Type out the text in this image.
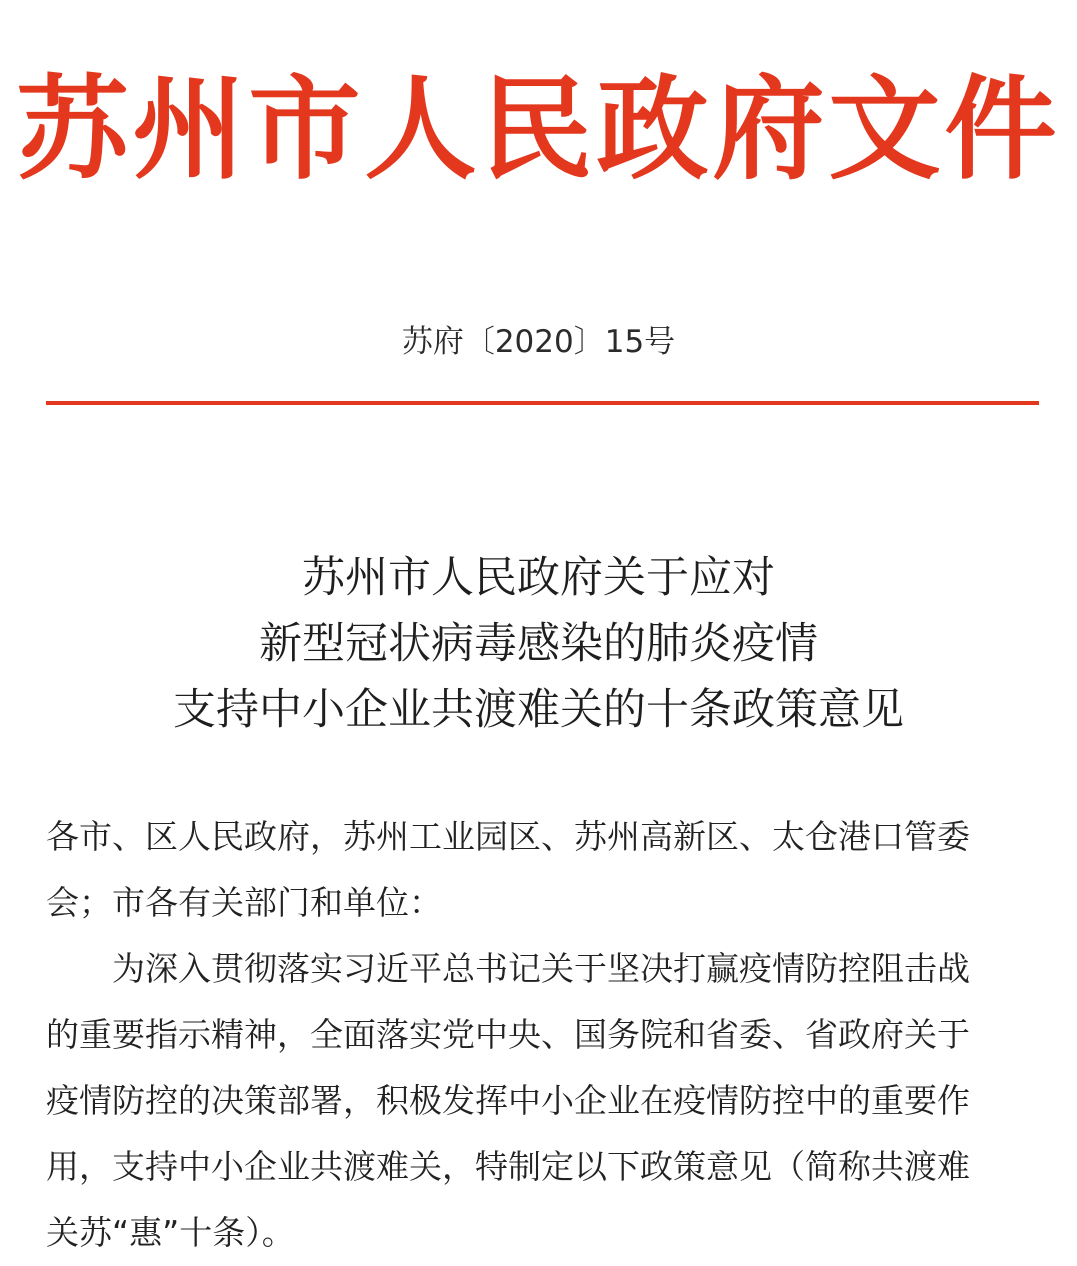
苏州市人民政府文件
苏府〔2020〕15号
苏州市人民政府关于应对
新型冠状病毒感染的肺炎疫情
支持中小企业共渡难关的十条政策意见

各市、区人民政府，苏州工业园区、苏州高新区、太仓港口管委
会；市各有关部门和单位：

为深入贯彻落实习近平总书记关于坚决打赢疫情防控阻击战
的重要指示精神，全面落实党中央、国务院和省委、省政府关于
疫情防控的决策部署，积极发挥中小企业在疫情防控中的重要作
用，支持中小企业共渡难关，特制定以下政策意见（简称共渡难
关苏“惠”十条）。
